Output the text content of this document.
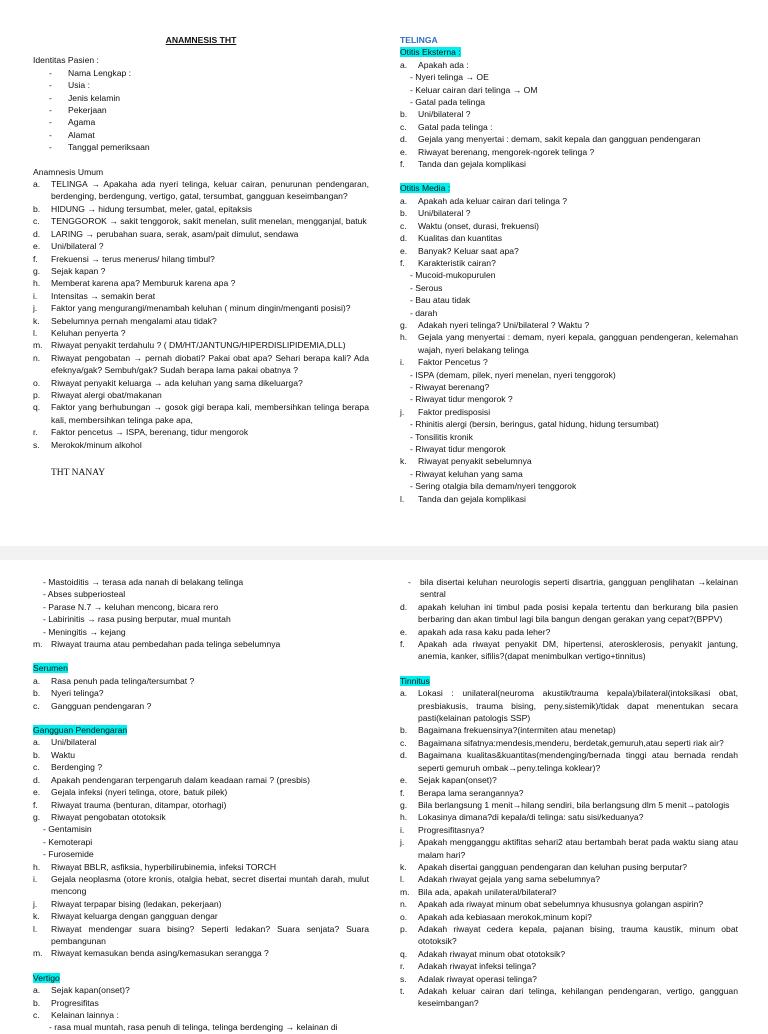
ANAMNESIS THT
Identitas Pasien :
-	Nama Lengkap :
-	Usia :
-	Jenis kelamin
-	Pekerjaan
-	Agama
-	Alamat
-	Tanggal pemeriksaan
Anamnesis Umum
a.	TELINGA → Apakaha ada nyeri telinga, keluar cairan, penurunan pendengaran, berdenging, berdengung, vertigo, gatal, tersumbat, gangguan keseimbangan?
b.	HIDUNG → hidung tersumbat, meler, gatal, epitaksis
c.	TENGGOROK → sakit tenggorok, sakit menelan, sulit menelan, mengganjal, batuk
d.	LARING → perubahan suara, serak, asam/pait dimulut, sendawa
e.	Uni/bilateral ?
f.	Frekuensi → terus menerus/ hilang timbul?
g.	Sejak kapan ?
h.	Memberat karena apa? Memburuk karena apa ?
i.	Intensitas → semakin berat
j.	Faktor yang mengurangi/menambah keluhan ( minum dingin/menganti posisi)?
k.	Sebelumnya pernah mengalami atau tidak?
l.	Keluhan penyerta ?
m. Riwayat penyakit terdahulu ? ( DM/HT/JANTUNG/HIPERDISLIPIDEMIA,DLL)
n.	Riwayat pengobatan → pernah diobati? Pakai obat apa? Sehari berapa kali? Ada efeknya/gak? Sembuh/gak? Sudah berapa lama pakai obatnya ?
o.	Riwayat penyakit keluarga → ada keluhan yang sama dikeluarga?
p.	Riwayat alergi obat/makanan
q.	Faktor yang berhubungan → gosok gigi berapa kali, membersihkan telinga berapa kali, membersihkan telinga pake apa,
r.	Faktor pencetus → ISPA, berenang, tidur mengorok
s.	Merokok/minum alkohol
THT NANAY
TELINGA
Otitis Eksterna :
a.	Apakah ada :
- Nyeri telinga → OE
- Keluar cairan dari telinga → OM
- Gatal pada telinga
b.	Uni/bilateral ?
c.	Gatal pada telinga :
d.	Gejala yang menyertai : demam, sakit kepala dan gangguan pendengaran
e.	Riwayat berenang, mengorek-ngorek telinga ?
f.	Tanda dan gejala komplikasi
Otitis Media :
a.	Apakah ada keluar cairan dari telinga ?
b.	Uni/bilateral ?
c.	Waktu (onset, durasi, frekuensi)
d.	Kualitas dan kuantitas
e.	Banyak? Keluar saat apa?
f.	Karakteristik cairan?
- Mucoid-mukopurulen
- Serous
- Bau atau tidak
- darah
g.	Adakah nyeri telinga? Uni/bilateral ? Waktu ?
h.	Gejala yang menyertai : demam, nyeri kepala, gangguan pendengeran, kelemahan wajah, nyeri belakang telinga
i.	Faktor Pencetus ?
- ISPA (demam, pilek, nyeri menelan, nyeri tenggorok)
- Riwayat berenang?
- Riwayat tidur mengorok ?
j.	Faktor predisposisi
- Rhinitis alergi (bersin, beringus, gatal hidung, hidung tersumbat)
- Tonsilitis kronik
- Riwayat tidur mengorok
k.	Riwayat penyakit sebelumnya
- Riwayat keluhan yang sama
- Sering otalgia bila demam/nyeri tenggorok
l.	Tanda dan gejala komplikasi
- Mastoiditis → terasa ada nanah di belakang telinga
- Abses subperiosteal
- Parase N.7 → keluhan mencong, bicara rero
- Labirinitis → rasa pusing berputar, mual muntah
- Meningitis → kejang
m. Riwayat trauma atau pembedahan pada telinga sebelumnya
Serumen
a.	Rasa penuh pada telinga/tersumbat ?
b.	Nyeri telinga?
c.	Gangguan pendengaran ?
Gangguan Pendengaran
a.	Uni/bilateral
b.	Waktu
c.	Berdenging ?
d.	Apakah pendengaran terpengaruh dalam keadaan ramai ? (presbis)
e.	Gejala infeksi (nyeri telinga, otore, batuk pilek)
f.	Riwayat trauma (benturan, ditampar, otorhagi)
g.	Riwayat pengobatan ototoksik
- Gentamisin
- Kemoterapi
- Furosemide
h.	Riwayat BBLR, asfiksia, hyperbilirubinemia, infeksi TORCH
i.	Gejala neoplasma (otore kronis, otalgia hebat, secret disertai muntah darah, mulut mencong
j.	Riwayat terpapar bising (ledakan, pekerjaan)
k.	Riwayat keluarga dengan gangguan dengar
l.	Riwayat mendengar suara bising? Seperti ledakan? Suara senjata? Suara pembangunan
m. Riwayat kemasukan benda asing/kemasukan serangga ?
Vertigo
a.	Sejak kapan(onset)?
b.	Progresifitas
c.	Kelainan lainnya :
- rasa mual muntah, rasa penuh di telinga, telinga berdenging → kelainan di
-	bila disertai keluhan neurologis seperti disartria, gangguan penglihatan →kelainan sentral
d.	apakah keluhan ini timbul pada posisi kepala tertentu dan berkurang bila pasien berbaring dan akan timbul lagi bila bangun dengan gerakan yang cepat?(BPPV)
e.	apakah ada rasa kaku pada leher?
f.	Apakah ada riwayat penyakit DM, hipertensi, aterosklerosis, penyakit jantung, anemia, kanker, sifilis?(dapat menimbulkan vertigo+tinnitus)
Tinnitus
a.	Lokasi : unilateral(neuroma akustik/trauma kepala)/bilateral(intoksikasi obat, presbiakusis, trauma bising, peny.sistemik)/tidak dapat menentukan secara pasti(kelainan patologis SSP)
b.	Bagaimana frekuensinya?(intermiten atau menetap)
c.	Bagaimana sifatnya:mendesis,menderu, berdetak,gemuruh,atau seperti riak air?
d.	Bagaimana kualitas&kuantitas(mendenging/bernada tinggi atau bernada rendah seperti gemuruh ombak→peny.telinga koklear)?
e.	Sejak kapan(onset)?
f.	Berapa lama serangannya?
g.	Bila berlangsung 1 menit→hilang sendiri, bila berlangsung dlm 5 menit→patologis
h.	Lokasinya dimana?di kepala/di telinga: satu sisi/keduanya?
i.	Progresifitasnya?
j.	Apakah mengganggu aktifitas sehari2 atau bertambah berat pada waktu siang atau malam hari?
k.	Apakah disertai gangguan pendengaran dan keluhan pusing berputar?
l.	Adakah riwayat gejala yang sama sebelumnya?
m. Bila ada, apakah unilateral/bilateral?
n.	Apakah ada riwayat minum obat sebelumnya khususnya golangan aspirin?
o.	Apakah ada kebiasaan merokok,minum kopi?
p.	Adakah riwayat cedera kepala, pajanan bising, trauma kaustik, minum obat ototoksik?
q.	Adakah riwayat minum obat ototoksik?
r.	Adakah riwayat infeksi telinga?
s.	Adalak riwayat operasi telinga?
t.	Adakah keluar cairan dari telinga, kehilangan pendengaran, vertigo, gangguan keseimbangan?
